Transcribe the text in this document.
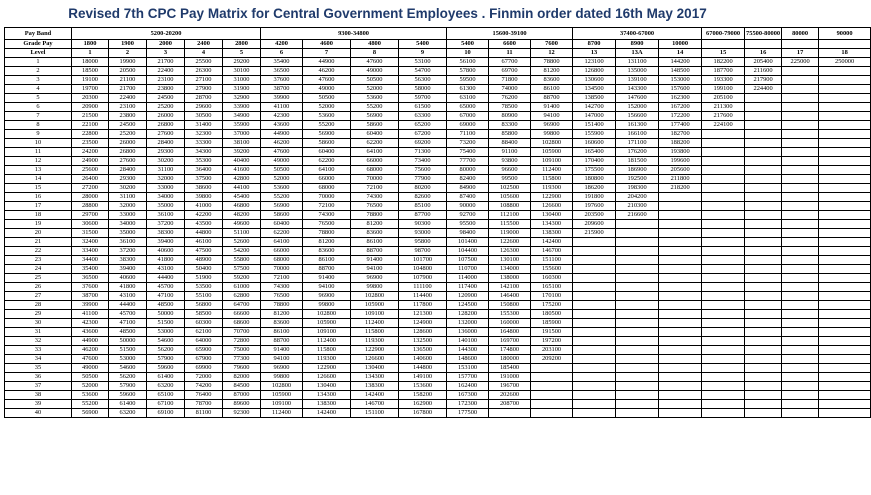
Revised 7th CPC Pay Matrix for Central Government Employees . Finmin order dated 16th May 2017
Pay Band	5200-20200					9300-34800				15600-39100			37400-67000			67000-79000	75500-80000	80000	90000
Grade Pay	1800	1900	2000	2400	2800	4200	4600	4800	5400	5400	6600	7600	8700	8900	10000				
Level	1	2	3	4	5	6	7	8	9	10	11	12	13	13A	14	15	16	17	18
1	18000	19900	21700	25500	29200	35400	44900	47600	53100	56100	67700	78800	123100	131100	144200	182200	205400	225000	250000
2	18500	20500	22400	26300	30100	36500	46200	49000	54700	57800	69700	81200	126800	135000	148500	187700	211600		
3	19100	21100	23100	27100	31000	37600	47600	50500	56300	59500	71800	83600	130600	139100	153000	193300	217900		
4	19700	21700	23800	27900	31900	38700	49000	52000	58000	61300	74000	86100	134500	143300	157600	199100	224400		
5	20300	22400	24500	28700	32900	39900	50500	53600	59700	63100	76200	88700	138500	147600	162300	205100			
6	20900	23100	25200	29600	33900	41100	52000	55200	61500	65000	78500	91400	142700	152000	167200	211300			
7	21500	23800	26000	30500	34900	42300	53600	56900	63300	67000	80900	94100	147000	156600	172200	217600			
8	22100	24500	26800	31400	35900	43600	55200	58600	65200	69000	83300	96900	151400	161300	177400	224100			
9	22800	25200	27600	32300	37000	44900	56900	60400	67200	71100	85800	99800	155900	166100	182700				
10	23500	26000	28400	33300	38100	46200	58600	62200	69200	73200	88400	102800	160600	171100	188200				
11	24200	26800	29300	34300	39200	47600	60400	64100	71300	75400	91100	105900	165400	176200	193800				
12	24900	27600	30200	35300	40400	49000	62200	66000	73400	77700	93800	109100	170400	181500	199600				
13	25600	28400	31100	36400	41600	50500	64100	68000	75600	80000	96600	112400	175500	186900	205600				
14	26400	29300	32000	37500	42800	52000	66000	70000	77900	82400	99500	115800	180800	192500	211800				
15	27200	30200	33000	38600	44100	53600	68000	72100	80200	84900	102500	119300	186200	198300	218200				
16	28000	31100	34000	39800	45400	55200	70000	74300	82600	87400	105600	122900	191800	204200					
17	28800	32000	35000	41000	46800	56900	72100	76500	85100	90000	108800	126600	197600	210300					
18	29700	33000	36100	42200	48200	58600	74300	78800	87700	92700	112100	130400	203500	216600					
19	30600	34000	37200	43500	49600	60400	76500	81200	90300	95500	115500	134300	209600						
20	31500	35000	38300	44800	51100	62200	78800	83600	93000	98400	119000	138300	215900						
21	32400	36100	39400	46100	52600	64100	81200	86100	95800	101400	122600	142400							
22	33400	37200	40600	47500	54200	66000	83600	88700	98700	104400	126300	146700							
23	34400	38300	41800	48900	55800	68000	86100	91400	101700	107500	130100	151100							
24	35400	39400	43100	50400	57500	70000	88700	94100	104800	110700	134000	155600							
25	36500	40600	44400	51900	59200	72100	91400	96900	107900	114000	138000	160300							
26	37600	41800	45700	53500	61000	74300	94100	99800	111100	117400	142100	165100							
27	38700	43100	47100	55100	62800	76500	96900	102800	114400	120900	146400	170100							
28	39900	44400	48500	56800	64700	78800	99800	105900	117800	124500	150800	175200							
29	41100	45700	50000	58500	66600	81200	102800	109100	121300	128200	155300	180500							
30	42300	47100	51500	60300	68600	83600	105900	112400	124900	132000	160000	185900							
31	43600	48500	53000	62100	70700	86100	109100	115800	128600	136000	164800	191500							
32	44900	50000	54600	64000	72800	88700	112400	119300	132500	140100	169700	197200							
33	46200	51500	56200	65900	75000	91400	115800	122900	136500	144300	174800	203100							
34	47600	53000	57900	67900	77300	94100	119300	126600	140600	148600	180000	209200							
35	49000	54600	59600	69900	79600	96900	122900	130400	144800	153100	185400								
36	50500	56200	61400	72000	82000	99800	126600	134300	149100	157700	191000								
37	52000	57900	63200	74200	84500	102800	130400	138300	153600	162400	196700								
38	53600	59600	65100	76400	87000	105900	134300	142400	158200	167300	202600								
39	55200	61400	67100	78700	89600	109100	138300	146700	162900	172300	208700								
40	56900	63200	69100	81100	92300	112400	142400	151100	167800	177500									
